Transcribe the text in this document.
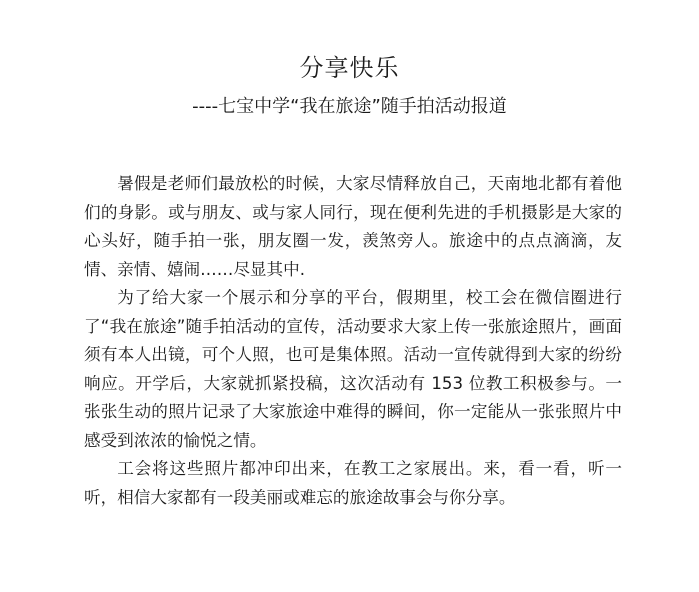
分享快乐
----七宝中学“我在旅途”随手拍活动报道

暑假是老师们最放松的时候，大家尽情释放自己，天南地北都有着他们的身影。或与朋友、或与家人同行，现在便利先进的手机摄影是大家的心头好，随手拍一张，朋友圈一发，羡煞旁人。旅途中的点点滴滴，友情、亲情、嬉闹……尽显其中.

为了给大家一个展示和分享的平台，假期里，校工会在微信圈进行了“我在旅途”随手拍活动的宣传，活动要求大家上传一张旅途照片，画面须有本人出镜，可个人照，也可是集体照。活动一宣传就得到大家的纷纷响应。开学后，大家就抓紧投稿，这次活动有 153 位教工积极参与。一张张生动的照片记录了大家旅途中难得的瞬间，你一定能从一张张照片中感受到浓浓的愉悦之情。

工会将这些照片都冲印出来，在教工之家展出。来，看一看，听一听，相信大家都有一段美丽或难忘的旅途故事会与你分享。
